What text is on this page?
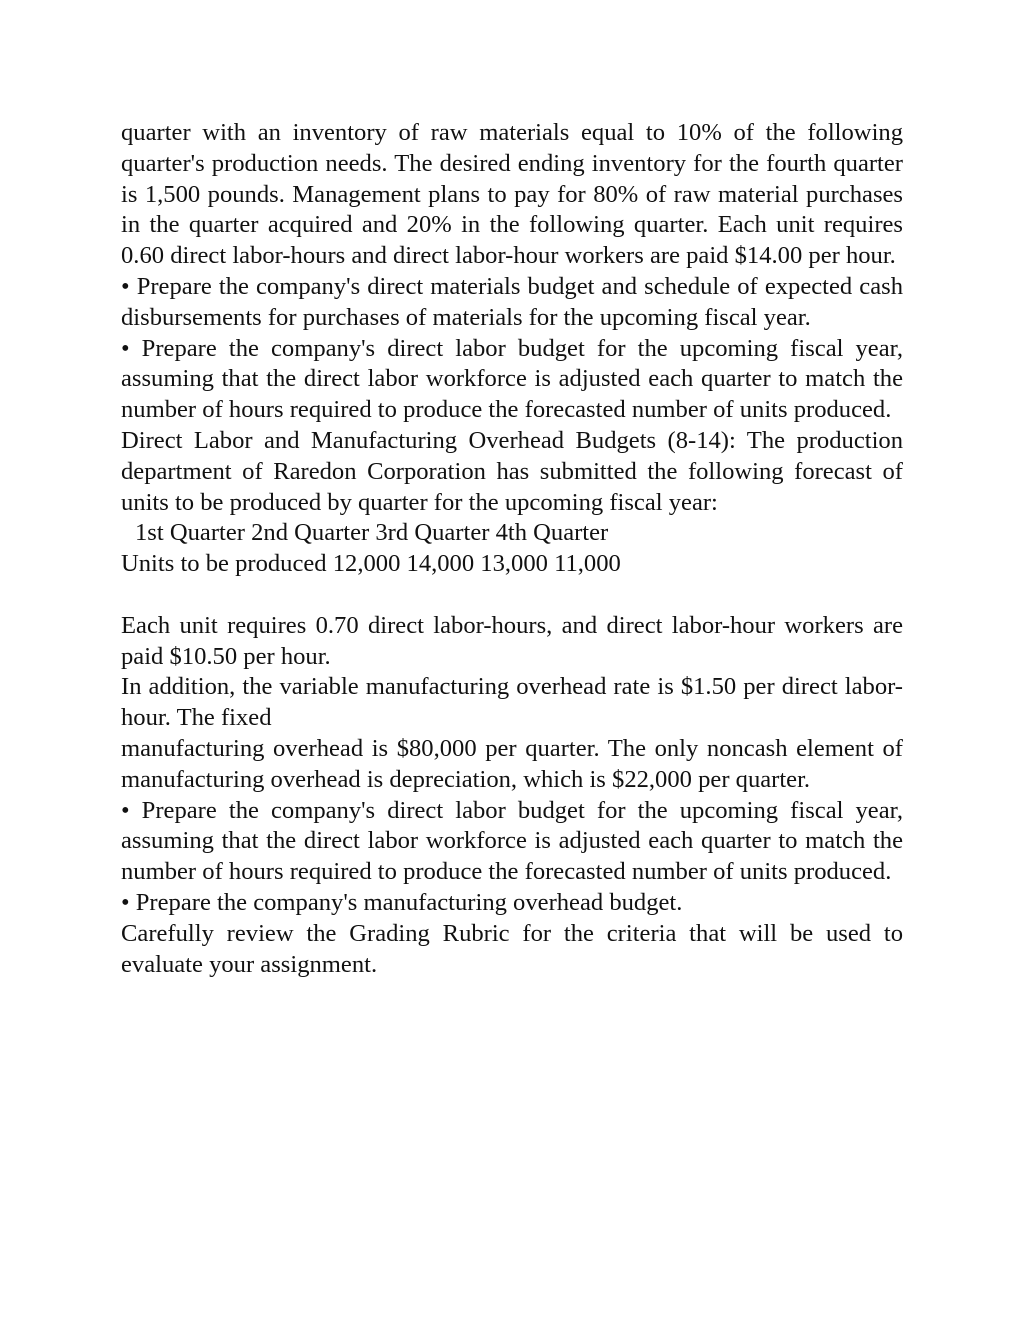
quarter with an inventory of raw materials equal to 10% of the following quarter's production needs. The desired ending inventory for the fourth quarter is 1,500 pounds. Management plans to pay for 80% of raw material purchases in the quarter acquired and 20% in the following quarter. Each unit requires 0.60 direct labor-hours and direct labor-hour workers are paid $14.00 per hour.

• Prepare the company's direct materials budget and schedule of expected cash disbursements for purchases of materials for the upcoming fiscal year.

• Prepare the company's direct labor budget for the upcoming fiscal year, assuming that the direct labor workforce is adjusted each quarter to match the number of hours required to produce the forecasted number of units produced.

Direct Labor and Manufacturing Overhead Budgets (8-14): The production department of Raredon Corporation has submitted the following forecast of units to be produced by quarter for the upcoming fiscal year:

1st Quarter 2nd Quarter 3rd Quarter 4th Quarter

Units to be produced 12,000 14,000 13,000 11,000

Each unit requires 0.70 direct labor-hours, and direct labor-hour workers are paid $10.50 per hour.

In addition, the variable manufacturing overhead rate is $1.50 per direct labor-hour. The fixed

manufacturing overhead is $80,000 per quarter. The only noncash element of manufacturing overhead is depreciation, which is $22,000 per quarter.

• Prepare the company's direct labor budget for the upcoming fiscal year, assuming that the direct labor workforce is adjusted each quarter to match the number of hours required to produce the forecasted number of units produced.

• Prepare the company's manufacturing overhead budget.

Carefully review the Grading Rubric for the criteria that will be used to evaluate your assignment.
